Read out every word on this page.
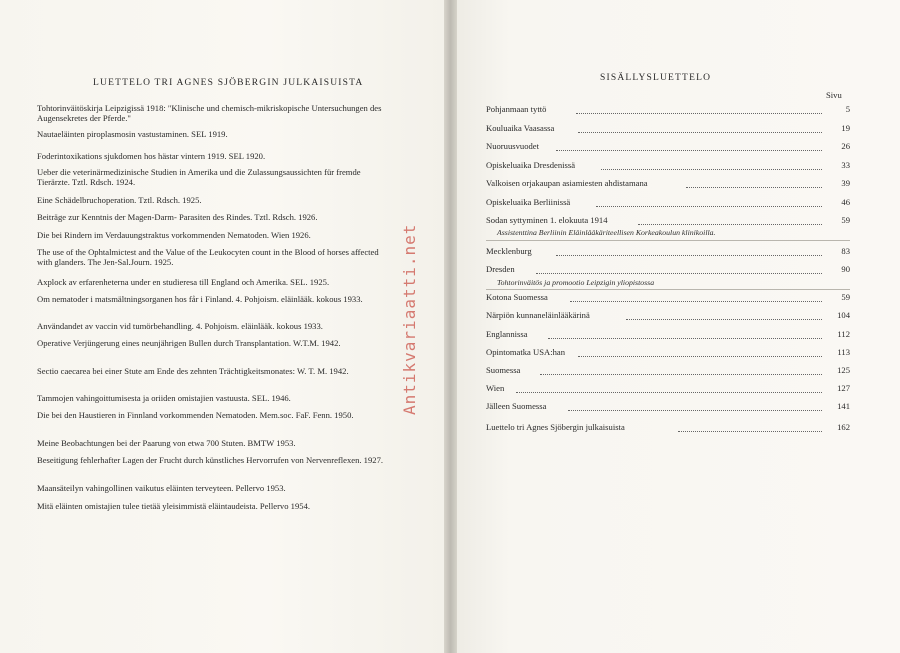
LUETTELO TRI AGNES SJÖBERGIN JULKAISUISTA
Tohtorinväitöskirja Leipzigissä 1918: "Klinische und chemisch-mikriskopische Untersuchungen des Augensekretes der Pferde."
Nautaeläinten piroplasmosin vastustaminen. SEL 1919.
Foderintoxikations sjukdomen hos hästar vintern 1919. SEL 1920.
Ueber die veterinärmedizinische Studien in Amerika und die Zulassungsaussichten für fremde Tierärzte. Tztl. Rdsch. 1924.
Eine Schädelbruchoperation. Tztl. Rdsch. 1925.
Beiträge zur Kenntnis der Magen-Darm- Parasiten des Rindes. Tztl. Rdsch. 1926.
Die bei Rindern im Verdauungstraktus vorkommenden Nematoden. Wien 1926.
The use of the Ophtalmictest and the Value of the Leukocyten count in the Blood of horses affected with glanders. The Jen-Sal.Journ. 1925.
Axplock av erfarenheterna under en studieresa till England och Amerika. SEL. 1925.
Om nematoder i matsmältningsorganen hos får i Finland. 4. Pohjoism. eläinlääk. kokous 1933.
Användandet av vaccin vid tumörbehandling. 4. Pohjoism. eläinlääk. kokous 1933.
Operative Verjüngerung eines neunjährigen Bullen durch Transplantation. W.T.M. 1942.
Sectio caecarea bei einer Stute am Ende des zehnten Trächtigkeitsmonates: W. T. M. 1942.
Tammojen vahingoittumisesta ja oriiden omistajien vastuusta. SEL. 1946.
Die bei den Haustieren in Finnland vorkommenden Nematoden. Mem.soc. FaF. Fenn. 1950.
Meine Beobachtungen bei der Paarung von etwa 700 Stuten. BMTW 1953.
Beseitigung fehlerhafter Lagen der Frucht durch künstliches Hervorrufen von Nervenreflexen. 1927.
Maansäteilyn vahingollinen vaikutus eläinten terveyteen. Pellervo 1953.
Mitä eläinten omistajien tulee tietää yleisimmistä eläintaudeista. Pellervo 1954.
Antikvariaatti.net
SISÄLLYSLUETTELO
Sivu
Pohjanmaan tyttö	5
Kouluaika Vaasassa	19
Nuoruusvuodet	26
Opiskeluaika Dresdenissä	33
Valkoisen orjakaupan asiamiesten ahdistamana	39
Opiskeluaika Berliinissä	46
Sodan syttyminen 1. elokuuta 1914	59
Assistenttina Berliinin Eläinlääkäriteellisen Korkeakoulun klinikoilla.
Mecklenburg	83
Dresden	90
Tohtorinväitös ja promootio Leipzigin yliopistossa
Kotona Suomessa	59
Närpiön kunnaneläinlääkärinä	104
Englannissa	112
Opintomatka USA:han	113
Suomessa	125
Wien	127
Jälleen Suomessa	141
Luettelo tri Agnes Sjöbergin julkaisuista	162
